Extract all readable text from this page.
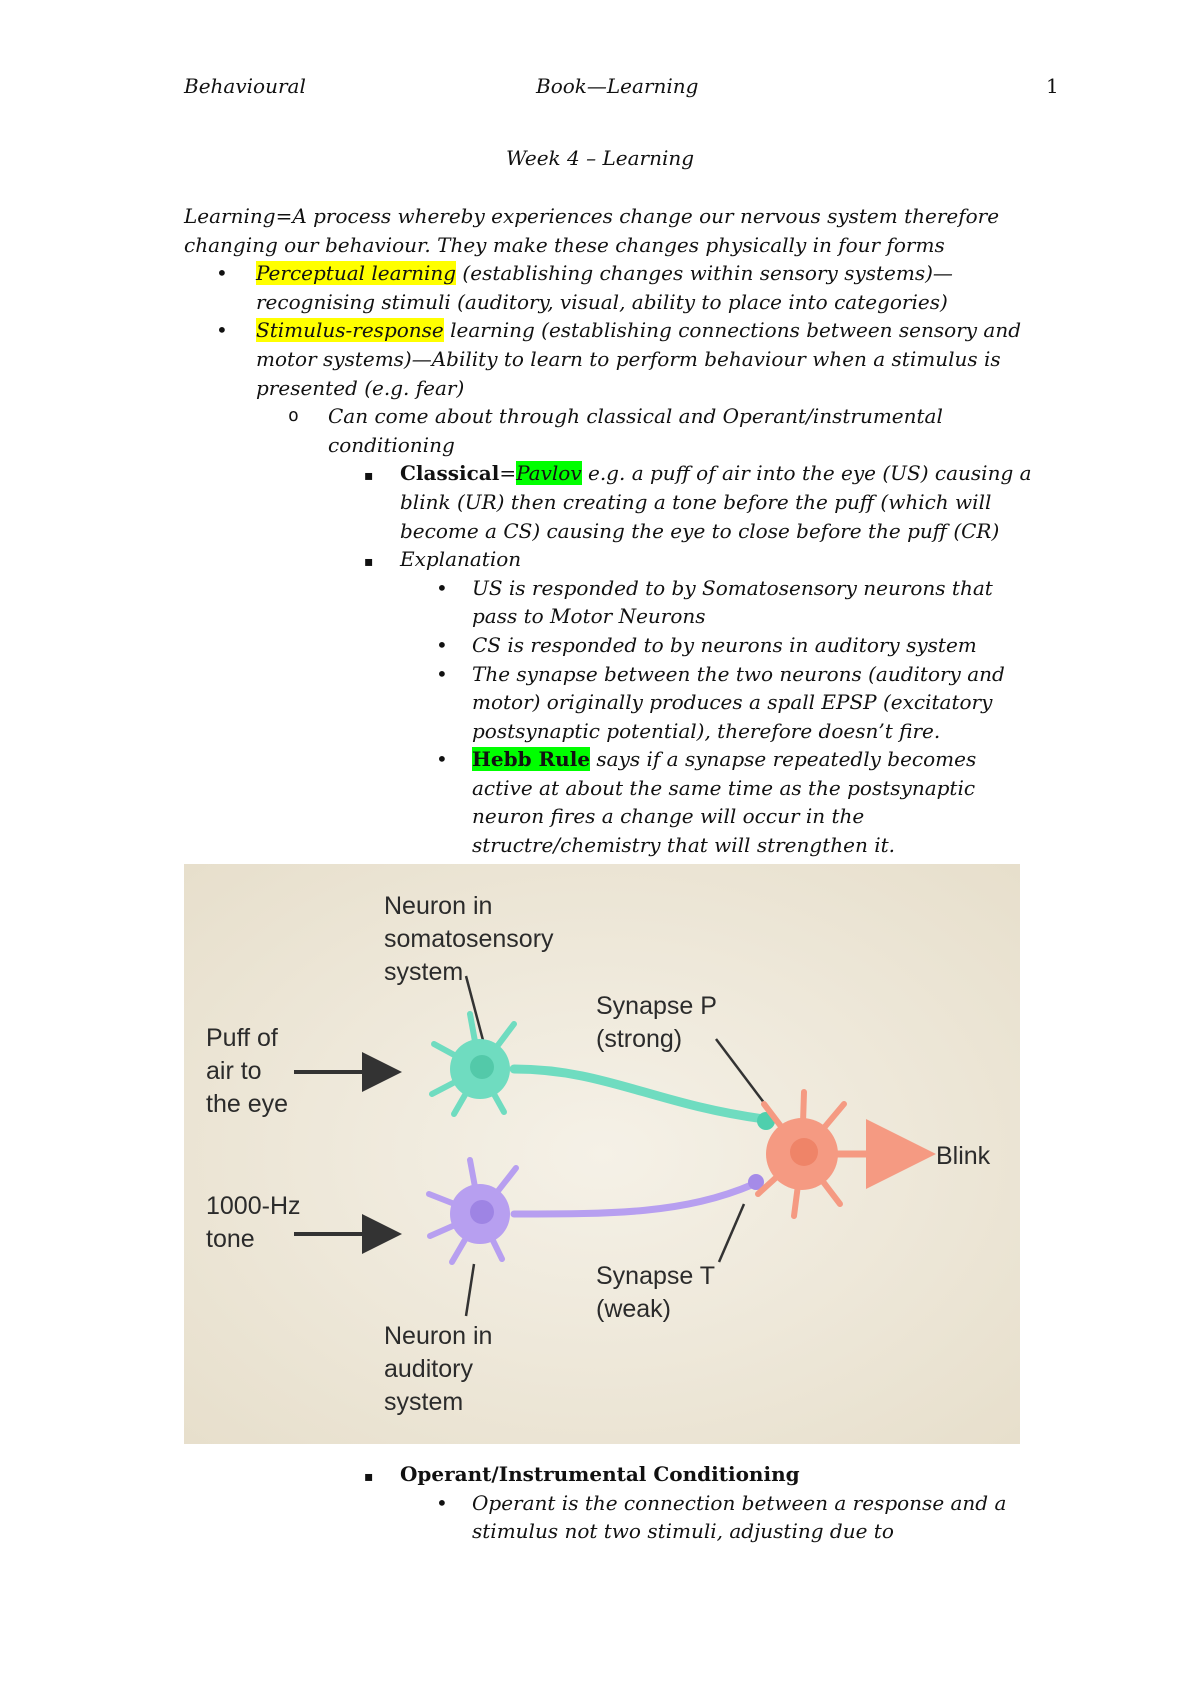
Behavioural	Book—Learning	1
Week 4 – Learning

Learning=A process whereby experiences change our nervous system therefore changing our behaviour. They make these changes physically in four forms

• Perceptual learning (establishing changes within sensory systems)—recognising stimuli (auditory, visual, ability to place into categories)
• Stimulus-response learning (establishing connections between sensory and motor systems)—Ability to learn to perform behaviour when a stimulus is presented (e.g. fear)
o Can come about through classical and Operant/instrumental conditioning
▪ Classical=Pavlov e.g. a puff of air into the eye (US) causing a blink (UR) then creating a tone before the puff (which will become a CS) causing the eye to close before the puff (CR)
▪ Explanation
• US is responded to by Somatosensory neurons that pass to Motor Neurons
• CS is responded to by neurons in auditory system
• The synapse between the two neurons (auditory and motor) originally produces a spall EPSP (excitatory postsynaptic potential), therefore doesn’t fire.
• Hebb Rule says if a synapse repeatedly becomes active at about the same time as the postsynaptic neuron fires a change will occur in the structre/chemistry that will strengthen it.
Neuron in somatosensory system
Puff of air to the eye
Synapse P (strong)
Blink
1000-Hz tone
Synapse T (weak)
Neuron in auditory system
▪ Operant/Instrumental Conditioning
• Operant is the connection between a response and a stimulus not two stimuli, adjusting due to
